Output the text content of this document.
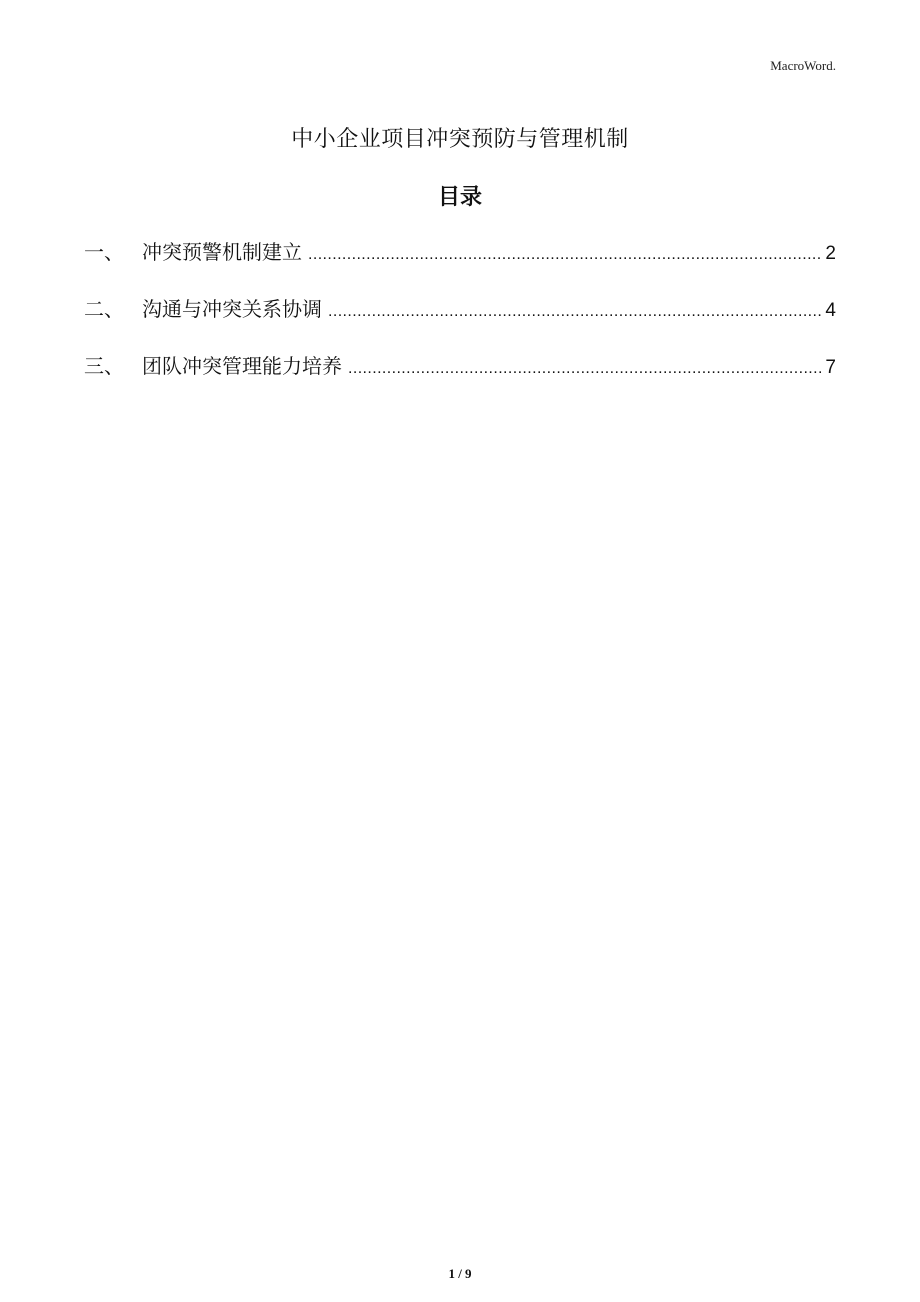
MacroWord.
中小企业项目冲突预防与管理机制
目录
一、 冲突预警机制建立 .....	2
二、 沟通与冲突关系协调 .....	4
三、 团队冲突管理能力培养 .....	7
1 / 9
